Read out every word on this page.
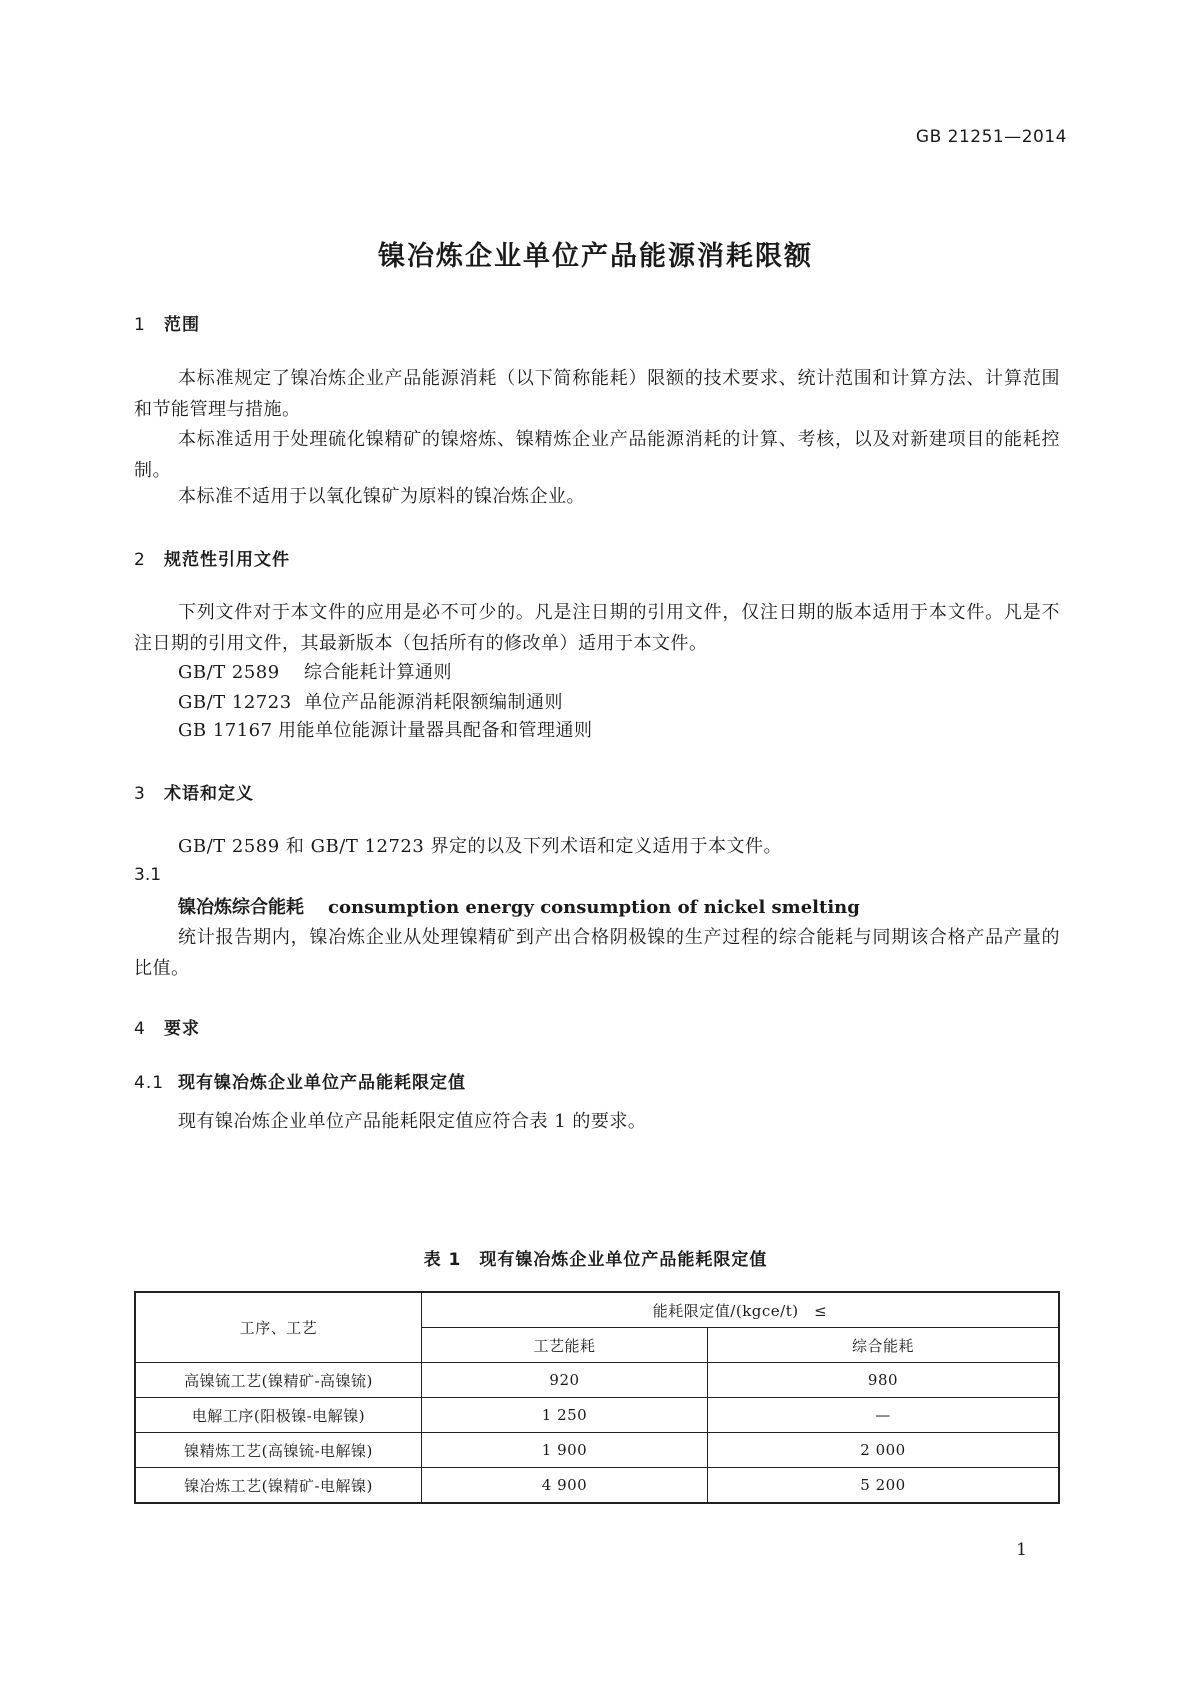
GB 21251—2014
镍冶炼企业单位产品能源消耗限额
1 范围
本标准规定了镍冶炼企业产品能源消耗（以下简称能耗）限额的技术要求、统计范围和计算方法、计算范围和节能管理与措施。
本标准适用于处理硫化镍精矿的镍熔炼、镍精炼企业产品能源消耗的计算、考核，以及对新建项目的能耗控制。
本标准不适用于以氧化镍矿为原料的镍冶炼企业。
2 规范性引用文件
下列文件对于本文件的应用是必不可少的。凡是注日期的引用文件，仅注日期的版本适用于本文件。凡是不注日期的引用文件，其最新版本（包括所有的修改单）适用于本文件。
GB/T 2589 综合能耗计算通则
GB/T 12723 单位产品能源消耗限额编制通则
GB 17167 用能单位能源计量器具配备和管理通则
3 术语和定义
GB/T 2589 和 GB/T 12723 界定的以及下列术语和定义适用于本文件。
3.1
镍冶炼综合能耗 consumption energy consumption of nickel smelting
统计报告期内，镍冶炼企业从处理镍精矿到产出合格阴极镍的生产过程的综合能耗与同期该合格产品产量的比值。
4 要求
4.1 现有镍冶炼企业单位产品能耗限定值
现有镍冶炼企业单位产品能耗限定值应符合表 1 的要求。
表 1　现有镍冶炼企业单位产品能耗限定值
工序、工艺	能耗限定值/(kgce/t)　≤	
	工艺能耗	综合能耗
高镍锍工艺(镍精矿-高镍锍)	920	980
电解工序(阳极镍-电解镍)	1 250	—
镍精炼工艺(高镍锍-电解镍)	1 900	2 000
镍冶炼工艺(镍精矿-电解镍)	4 900	5 200
1
